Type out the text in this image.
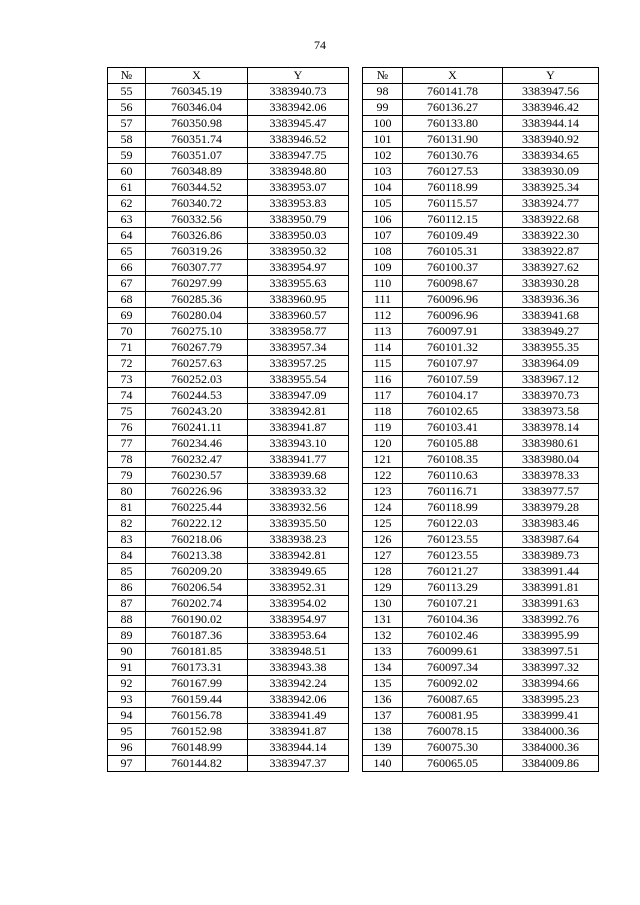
74
№	X	Y		№	X	Y
55	760345.19	3383940.73		98	760141.78	3383947.56
56	760346.04	3383942.06		99	760136.27	3383946.42
57	760350.98	3383945.47		100	760133.80	3383944.14
58	760351.74	3383946.52		101	760131.90	3383940.92
59	760351.07	3383947.75		102	760130.76	3383934.65
60	760348.89	3383948.80		103	760127.53	3383930.09
61	760344.52	3383953.07		104	760118.99	3383925.34
62	760340.72	3383953.83		105	760115.57	3383924.77
63	760332.56	3383950.79		106	760112.15	3383922.68
64	760326.86	3383950.03		107	760109.49	3383922.30
65	760319.26	3383950.32		108	760105.31	3383922.87
66	760307.77	3383954.97		109	760100.37	3383927.62
67	760297.99	3383955.63		110	760098.67	3383930.28
68	760285.36	3383960.95		111	760096.96	3383936.36
69	760280.04	3383960.57		112	760096.96	3383941.68
70	760275.10	3383958.77		113	760097.91	3383949.27
71	760267.79	3383957.34		114	760101.32	3383955.35
72	760257.63	3383957.25		115	760107.97	3383964.09
73	760252.03	3383955.54		116	760107.59	3383967.12
74	760244.53	3383947.09		117	760104.17	3383970.73
75	760243.20	3383942.81		118	760102.65	3383973.58
76	760241.11	3383941.87		119	760103.41	3383978.14
77	760234.46	3383943.10		120	760105.88	3383980.61
78	760232.47	3383941.77		121	760108.35	3383980.04
79	760230.57	3383939.68		122	760110.63	3383978.33
80	760226.96	3383933.32		123	760116.71	3383977.57
81	760225.44	3383932.56		124	760118.99	3383979.28
82	760222.12	3383935.50		125	760122.03	3383983.46
83	760218.06	3383938.23		126	760123.55	3383987.64
84	760213.38	3383942.81		127	760123.55	3383989.73
85	760209.20	3383949.65		128	760121.27	3383991.44
86	760206.54	3383952.31		129	760113.29	3383991.81
87	760202.74	3383954.02		130	760107.21	3383991.63
88	760190.02	3383954.97		131	760104.36	3383992.76
89	760187.36	3383953.64		132	760102.46	3383995.99
90	760181.85	3383948.51		133	760099.61	3383997.51
91	760173.31	3383943.38		134	760097.34	3383997.32
92	760167.99	3383942.24		135	760092.02	3383994.66
93	760159.44	3383942.06		136	760087.65	3383995.23
94	760156.78	3383941.49		137	760081.95	3383999.41
95	760152.98	3383941.87		138	760078.15	3384000.36
96	760148.99	3383944.14		139	760075.30	3384000.36
97	760144.82	3383947.37		140	760065.05	3384009.86
